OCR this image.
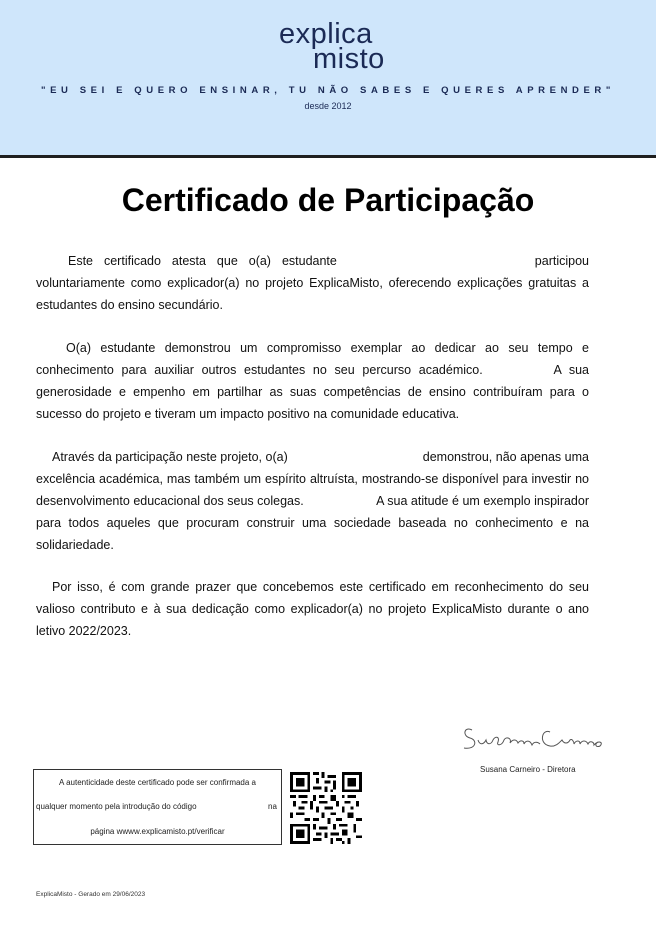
explica
misto
"EU SEI E QUERO ENSINAR, TU NÃO SABES E QUERES APRENDER"
desde 2012
Certificado de Participação
Este certificado atesta que o(a) estudante	participou voluntariamente como explicador(a) no projeto ExplicaMisto, oferecendo explicações gratuitas a estudantes do ensino secundário.
O(a) estudante demonstrou um compromisso exemplar ao dedicar ao seu tempo e conhecimento para auxiliar outros estudantes no seu percurso académico.	A sua generosidade e empenho em partilhar as suas competências de ensino contribuíram para o sucesso do projeto e tiveram um impacto positivo na comunidade educativa.
Através da participação neste projeto, o(a)	demonstrou, não apenas uma excelência académica, mas também um espírito altruísta, mostrando-se disponível para investir no desenvolvimento educacional dos seus colegas.	A sua atitude é um exemplo inspirador para todos aqueles que procuram construir uma sociedade baseada no conhecimento e na solidariedade.
Por isso, é com grande prazer que concebemos este certificado em reconhecimento do seu valioso contributo e à sua dedicação como explicador(a) no projeto ExplicaMisto durante o ano letivo 2022/2023.
Susana Carneiro - Diretora
A autenticidade deste certificado pode ser confirmada a
qualquer momento pela introdução do código	na
página wwww.explicamisto.pt/verificar
ExplicaMisto - Gerado em 29/06/2023
